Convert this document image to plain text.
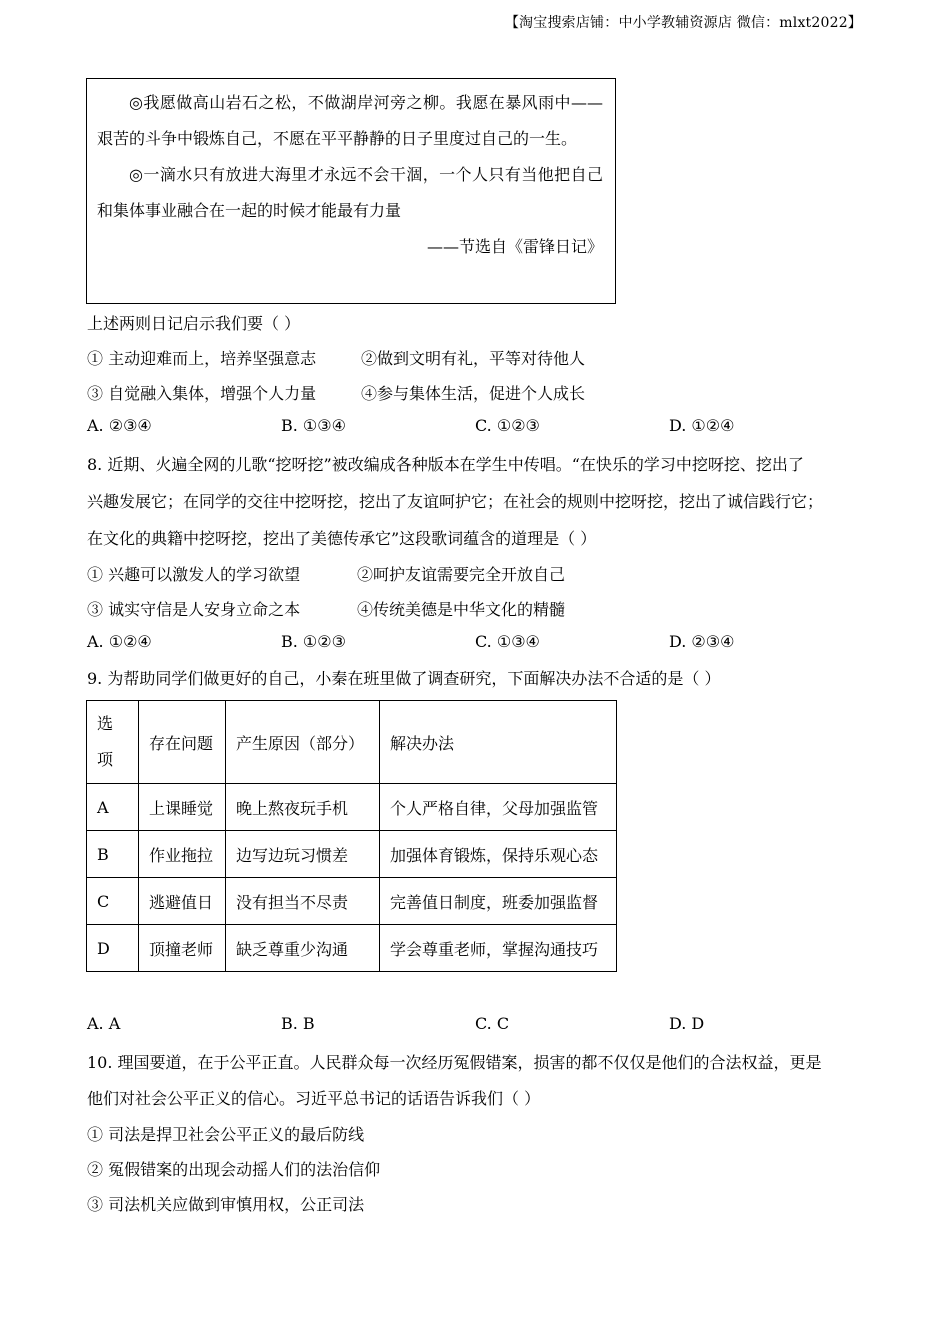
【淘宝搜索店铺：中小学教辅资源店 微信：mlxt2022】

◎我愿做高山岩石之松，不做湖岸河旁之柳。我愿在暴风雨中——艰苦的斗争中锻炼自己，不愿在平平静静的日子里度过自己的一生。

◎一滴水只有放进大海里才永远不会干涸，一个人只有当他把自己和集体事业融合在一起的时候才能最有力量

——节选自《雷锋日记》

上述两则日记启示我们要（ ）
① 主动迎难而上，培养坚强意志	②做到文明有礼，平等对待他人
③ 自觉融入集体，增强个人力量	④参与集体生活，促进个人成长
A. ②③④	B. ①③④	C. ①②③	D. ①②④
8. 近期、火遍全网的儿歌“挖呀挖”被改编成各种版本在学生中传唱。“在快乐的学习中挖呀挖、挖出了
兴趣发展它；在同学的交往中挖呀挖，挖出了友谊呵护它；在社会的规则中挖呀挖，挖出了诚信践行它；
在文化的典籍中挖呀挖，挖出了美德传承它”这段歌词蕴含的道理是（ ）
① 兴趣可以激发人的学习欲望	②呵护友谊需要完全开放自己
③ 诚实守信是人安身立命之本	④传统美德是中华文化的精髓
A. ①②④	B. ①②③	C. ①③④	D. ②③④
9. 为帮助同学们做更好的自己，小秦在班里做了调查研究，下面解决办法不合适的是（ ）
选
项	存在问题	产生原因（部分）	解决办法
A	上课睡觉	晚上熬夜玩手机	个人严格自律，父母加强监管
B	作业拖拉	边写边玩习惯差	加强体育锻炼，保持乐观心态
C	逃避值日	没有担当不尽责	完善值日制度，班委加强监督
D	顶撞老师	缺乏尊重少沟通	学会尊重老师，掌握沟通技巧
A. A	B. B	C. C	D. D
10. 理国要道，在于公平正直。人民群众每一次经历冤假错案，损害的都不仅仅是他们的合法权益，更是
他们对社会公平正义的信心。习近平总书记的话语告诉我们（ ）
① 司法是捍卫社会公平正义的最后防线
② 冤假错案的出现会动摇人们的法治信仰
③ 司法机关应做到审慎用权，公正司法
